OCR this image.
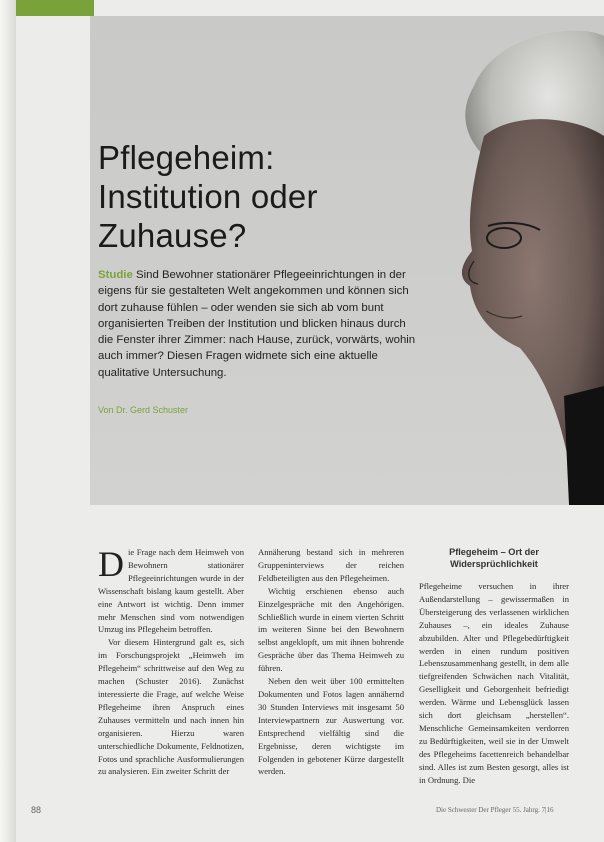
Pflegeheim: Institution oder Zuhause?

Studie Sind Bewohner stationärer Pflegeeinrichtungen in der eigens für sie gestalteten Welt angekommen und können sich dort zuhause fühlen – oder wenden sie sich ab vom bunt organisierten Treiben der Institution und blicken hinaus durch die Fenster ihrer Zimmer: nach Hause, zurück, vorwärts, wohin auch immer? Diesen Fragen widmete sich eine aktuelle qualitative Untersuchung.

Von Dr. Gerd Schuster

Die Frage nach dem Heimweh von Bewohnern stationärer Pflegeeinrichtungen wurde in der Wissenschaft bislang kaum gestellt. Aber eine Antwort ist wichtig. Denn immer mehr Menschen sind vom notwendigen Umzug ins Pflegeheim betroffen.

Vor diesem Hintergrund galt es, sich im Forschungsprojekt „Heimweh im Pflegeheim“ schrittweise auf den Weg zu machen (Schuster 2016). Zunächst interessierte die Frage, auf welche Weise Pflegeheime ihren Anspruch eines Zuhauses vermitteln und nach innen hin organisieren. Hierzu waren unterschiedliche Dokumente, Feldnotizen, Fotos und sprachliche Ausformulierungen zu analysieren. Ein zweiter Schritt der

Annäherung bestand sich in mehreren Gruppeninterviews der reichen Feldbeteiligten aus den Pflegeheimen.

Wichtig erschienen ebenso auch Einzelgespräche mit den Angehörigen. Schließlich wurde in einem vierten Schritt im weiteren Sinne bei den Bewohnern selbst angeklopft, um mit ihnen bohrende Gespräche über das Thema Heimweh zu führen.

Neben den weit über 100 ermittelten Dokumenten und Fotos lagen annähernd 30 Stunden Interviews mit insgesamt 50 Interviewpartnern zur Auswertung vor. Entsprechend vielfältig sind die Ergebnisse, deren wichtigste im Folgenden in gebotener Kürze dargestellt werden.

Pflegeheim – Ort der Widersprüchlichkeit

Pflegeheime versuchen in ihrer Außendarstellung – gewissermaßen in Übersteigerung des verlassenen wirklichen Zuhauses –, ein ideales Zuhause abzubilden. Alter und Pflegebedürftigkeit werden in einen rundum positiven Lebenszusammenhang gestellt, in dem alle tiefgreifenden Schwächen nach Vitalität, Geselligkeit und Geborgenheit befriedigt werden. Wärme und Lebensglück lassen sich dort gleichsam „herstellen“. Menschliche Gemeinsamkeiten verdorren zu Bedürftigkeiten, weil sie in der Umwelt des Pflegeheims facettenreich behandelbar sind. Alles ist zum Besten gesorgt, alles ist in Ordnung. Die

88	Die Schwester Der Pfleger 55. Jahrg. 7|16
